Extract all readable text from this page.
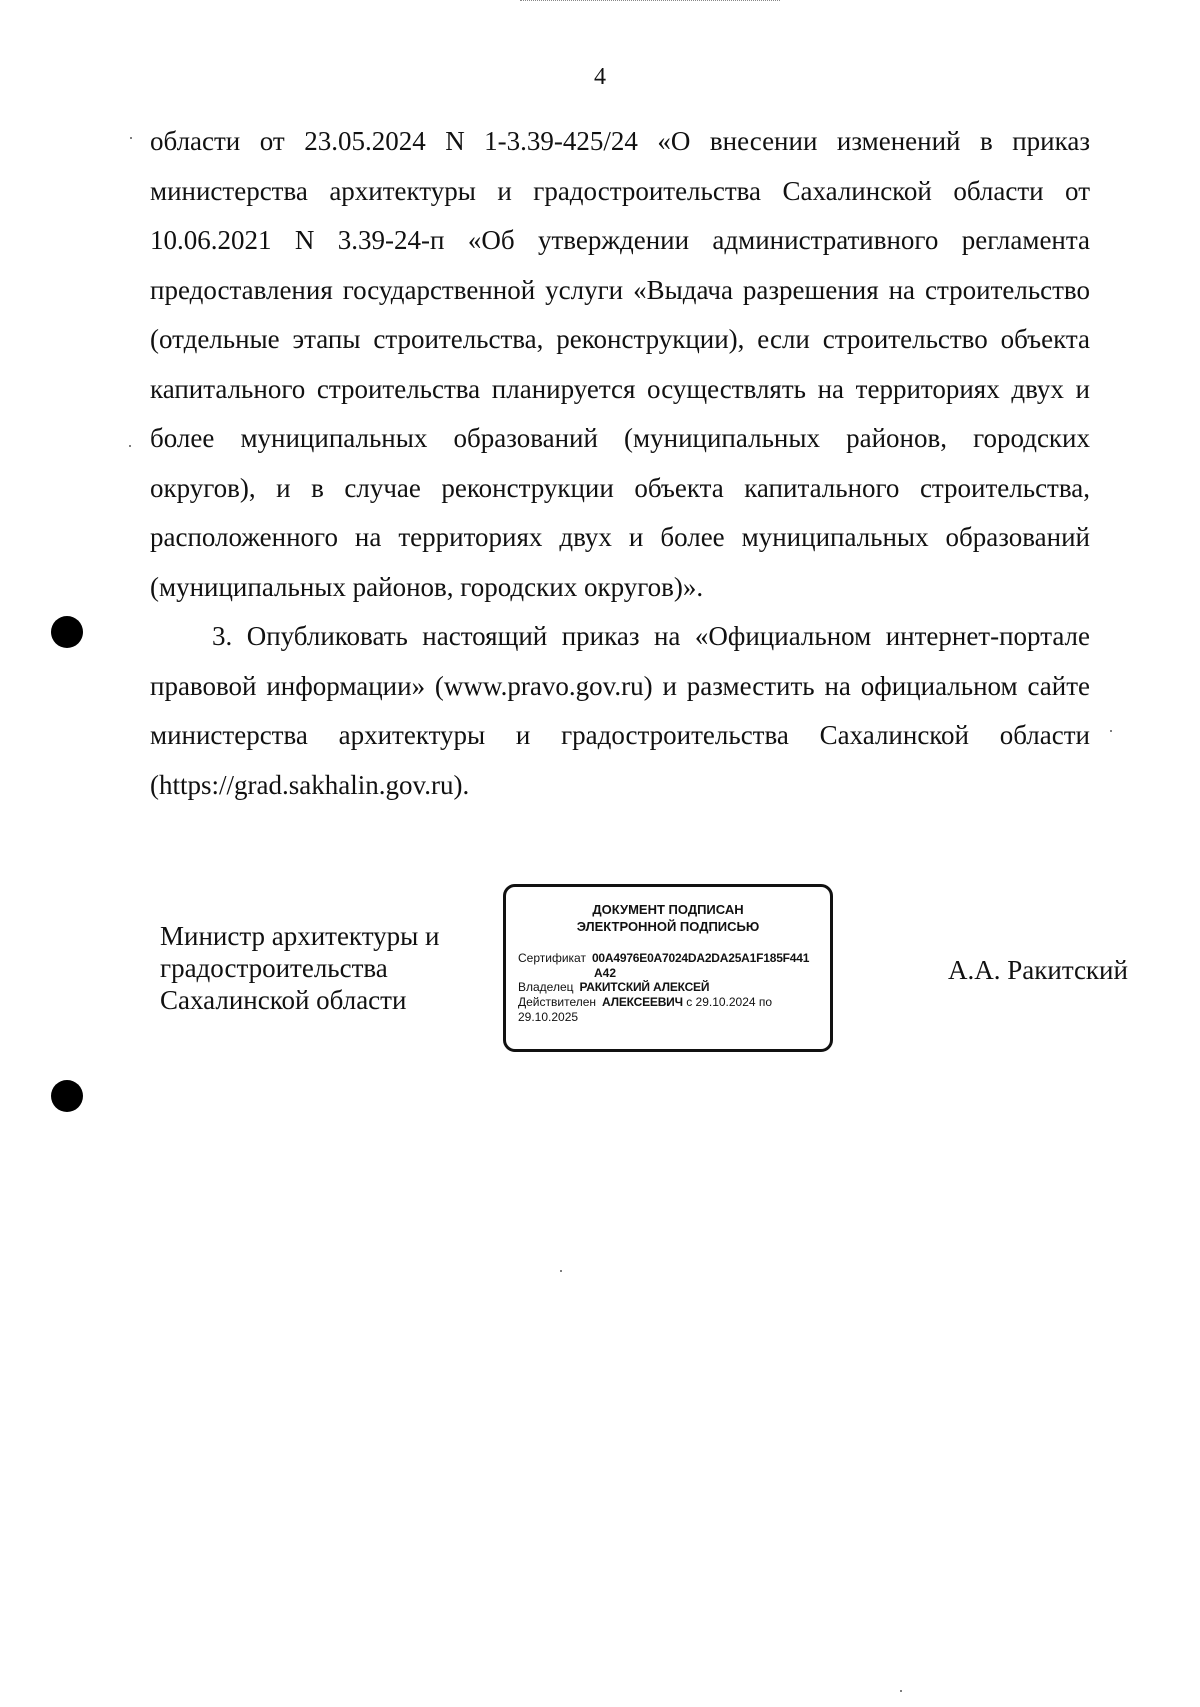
4

области от 23.05.2024 N 1-3.39-425/24 «О внесении изменений в приказ министерства архитектуры и градостроительства Сахалинской области от 10.06.2021 N 3.39-24-п «Об утверждении административного регламента предоставления государственной услуги «Выдача разрешения на строительство (отдельные этапы строительства, реконструкции), если строительство объекта капитального строительства планируется осуществлять на территориях двух и более муниципальных образований (муниципальных районов, городских округов), и в случае реконструкции объекта капитального строительства, расположенного на территориях двух и более муниципальных образований (муниципальных районов, городских округов)».

3. Опубликовать настоящий приказ на «Официальном интернет-портале правовой информации» (www.pravo.gov.ru) и разместить на официальном сайте министерства архитектуры и градостроительства Сахалинской области (https://grad.sakhalin.gov.ru).

Министр архитектуры и
градостроительства
Сахалинской области
ДОКУМЕНТ ПОДПИСАН
ЭЛЕКТРОННОЙ ПОДПИСЬЮ
Сертификат 00A4976E0A7024DA2DA25A1F185F441
A42
Владелец РАКИТСКИЙ АЛЕКСЕЙ
Действителен АЛЕКСЕЕВИЧ с 29.10.2024 по 29.10.2025
А.А. Ракитский
